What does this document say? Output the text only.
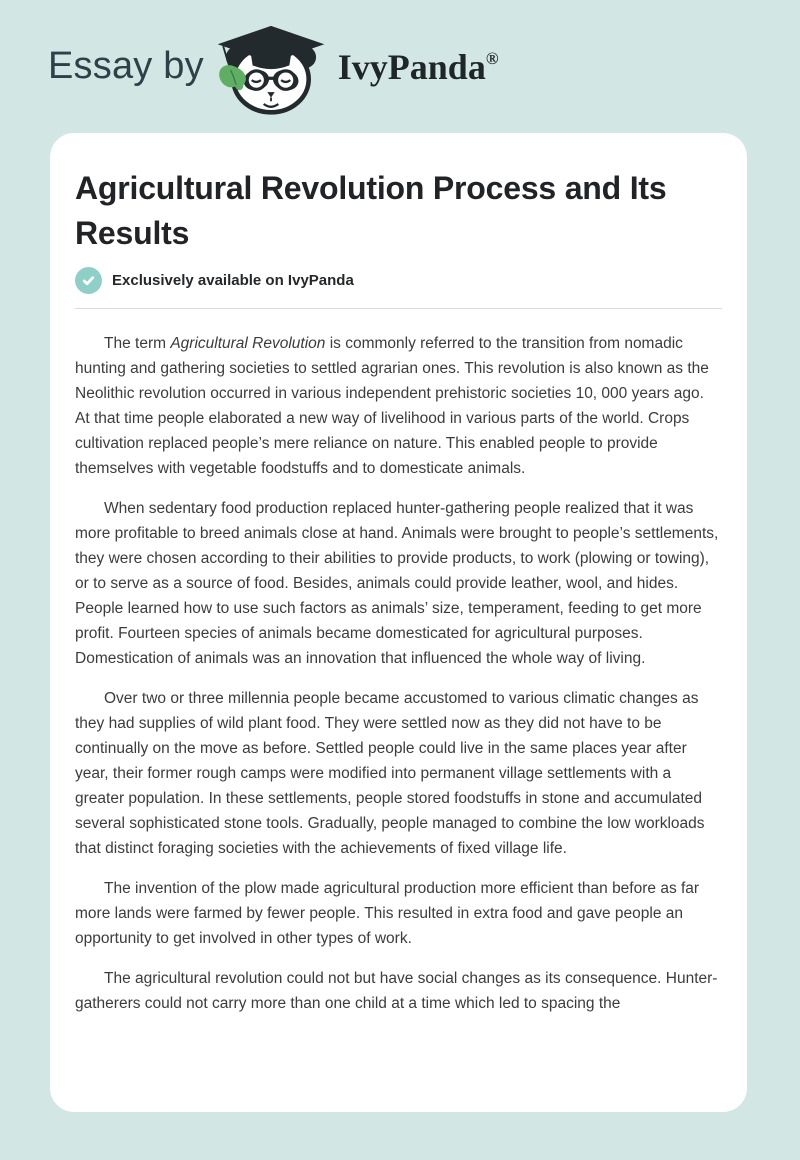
Essay by	IvyPanda®
Agricultural Revolution Process and Its
Results
Exclusively available on IvyPanda

The term Agricultural Revolution is commonly referred to the transition from nomadic hunting and gathering societies to settled agrarian ones. This revolution is also known as the Neolithic revolution occurred in various independent prehistoric societies 10, 000 years ago. At that time people elaborated a new way of livelihood in various parts of the world. Crops cultivation replaced people’s mere reliance on nature. This enabled people to provide themselves with vegetable foodstuffs and to domesticate animals.

When sedentary food production replaced hunter-gathering people realized that it was more profitable to breed animals close at hand. Animals were brought to people’s settlements, they were chosen according to their abilities to provide products, to work (plowing or towing), or to serve as a source of food. Besides, animals could provide leather, wool, and hides. People learned how to use such factors as animals’ size, temperament, feeding to get more profit. Fourteen species of animals became domesticated for agricultural purposes. Domestication of animals was an innovation that influenced the whole way of living.

Over two or three millennia people became accustomed to various climatic changes as they had supplies of wild plant food. They were settled now as they did not have to be continually on the move as before. Settled people could live in the same places year after year, their former rough camps were modified into permanent village settlements with a greater population. In these settlements, people stored foodstuffs in stone and accumulated several sophisticated stone tools. Gradually, people managed to combine the low workloads that distinct foraging societies with the achievements of fixed village life.

The invention of the plow made agricultural production more efficient than before as far more lands were farmed by fewer people. This resulted in extra food and gave people an opportunity to get involved in other types of work.

The agricultural revolution could not but have social changes as its consequence. Hunter-gatherers could not carry more than one child at a time which led to spacing the
